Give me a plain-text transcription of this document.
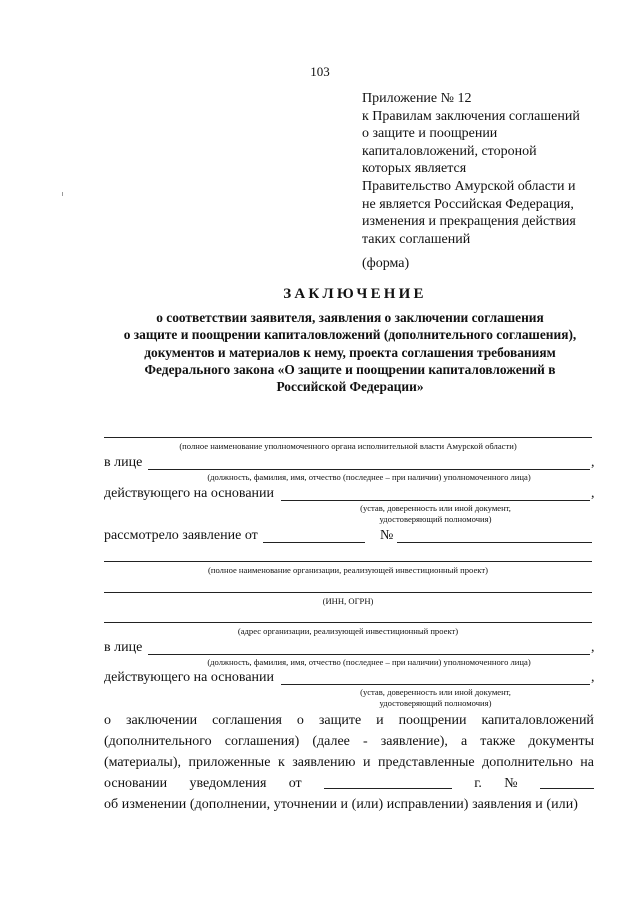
103
Приложение № 12
к Правилам заключения соглашений
о защите и поощрении
капиталовложений, стороной
которых является
Правительство Амурской области и
не является Российская Федерация,
изменения и прекращения действия
таких соглашений
(форма)
ЗАКЛЮЧЕНИЕ
о соответствии заявителя, заявления о заключении соглашения
о защите и поощрении капиталовложений (дополнительного соглашения),
документов и материалов к нему, проекта соглашения требованиям
Федерального закона «О защите и поощрении капиталовложений в
Российской Федерации»
(полное наименование уполномоченного органа исполнительной власти Амурской области)
в лице	,
(должность, фамилия, имя, отчество (последнее – при наличии) уполномоченного лица)
действующего на основании	,
(устав, доверенность или иной документ,
удостоверяющий полномочия)
рассмотрело заявление от	№
(полное наименование организации, реализующей инвестиционный проект)
(ИНН, ОГРН)
(адрес организации, реализующей инвестиционный проект)
в лице	,
(должность, фамилия, имя, отчество (последнее – при наличии) уполномоченного лица)
действующего на основании	,
(устав, доверенность или иной документ,
удостоверяющий полномочия)
о заключении соглашения о защите и поощрении капиталовложений
(дополнительного соглашения) (далее - заявление), а также документы
(материалы), приложенные к заявлению и представленные дополнительно на
основании уведомления от	г. №
об изменении (дополнении, уточнении и (или) исправлении) заявления и (или)
